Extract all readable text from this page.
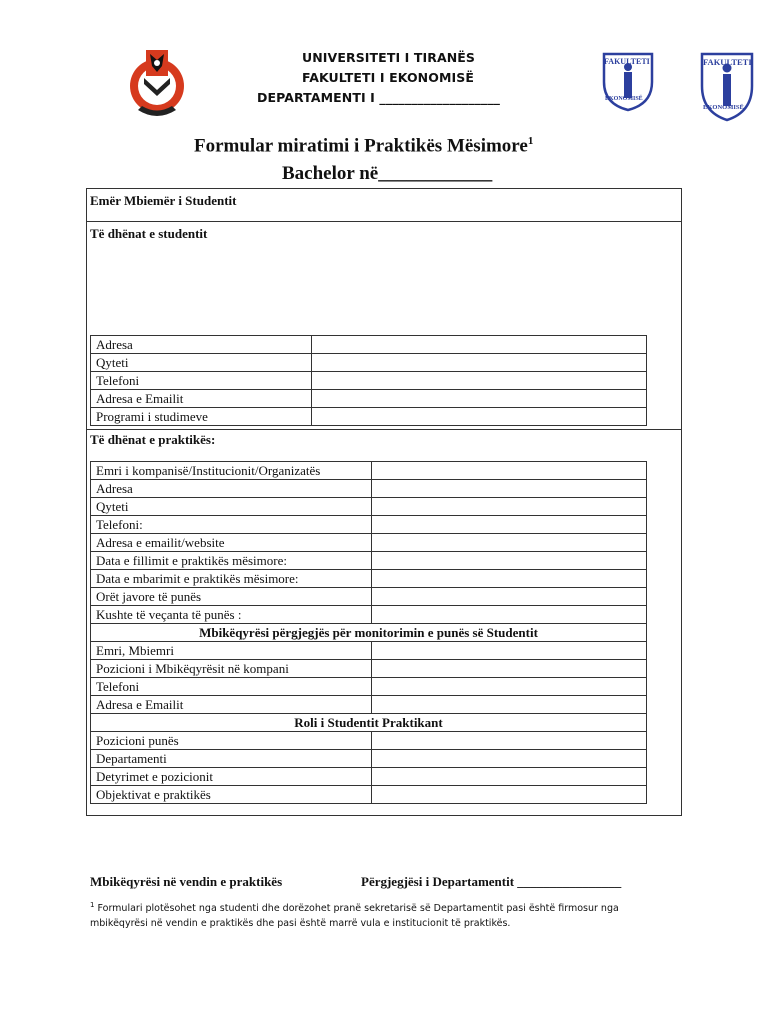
UNIVERSITETI I TIRANËS
FAKULTETI I EKONOMISË
DEPARTAMENTI I ___________________
FAKULTETI
EKONOMISË
FAKULTETI
EKONOMISË
Formular miratimi i Praktikës Mësimore$^1$
Bachelor në____________
Emër Mbiemër i Studentit
Të dhënat e studentit
Adresa	
Qyteti	
Telefoni	
Adresa e Emailit	
Programi i studimeve	
Të dhënat e praktikës:
Emri i kompanisë/Institucionit/Organizatës	
Adresa	
Qyteti	
Telefoni:	
Adresa e emailit/website	
Data e fillimit e praktikës mësimore:	
Data e mbarimit e praktikës mësimore:	
Orët javore të punës	
Kushte të veçanta të punës :	
Mbikëqyrësi përgjegjës për monitorimin e punës së Studentit	
Emri, Mbiemri	
Pozicioni i Mbikëqyrësit në kompani	
Telefoni	
Adresa e Emailit	
Roli i Studentit Praktikant	
Pozicioni punës	
Departamenti	
Detyrimet e pozicionit	
Objektivat e praktikës	
Mbikëqyrësi në vendin e praktikës	Përgjegjësi i Departamentit ________________
$^1$ Formulari plotësohet nga studenti dhe dorëzohet pranë sekretarisë së Departamentit pasi është firmosur nga mbikëqyrësi në vendin e praktikës dhe pasi është marrë vula e institucionit të praktikës.
